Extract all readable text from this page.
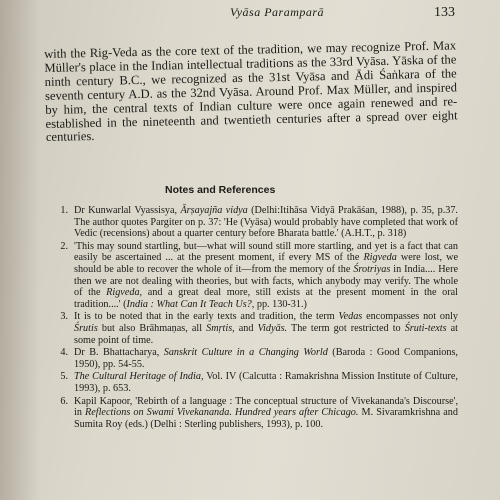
Vyāsa Paramparā	133

with the Rig-Veda as the core text of the tradition, we may recognize Prof. Max Müller's place in the Indian intellectual traditions as the 33rd Vyāsa. Yāska of the ninth century B.C., we recognized as the 31st Vyāsa and Ādi Śaṅkara of the seventh century A.D. as the 32nd Vyāsa. Around Prof. Max Müller, and inspired by him, the central texts of Indian culture were once again renewed and re-established in the nineteenth and twentieth centuries after a spread over eight centuries.

Notes and References
1. Dr Kunwarlal Vyassisya, Ārṣayajña vidya (Delhi:Itihāsa Vidyā Prakāśan, 1988), p. 35, p.37. The author quotes Pargiter on p. 37: 'He (Vyāsa) would probably have completed that work of Vedic (recensions) about a quarter century before Bharata battle.' (A.H.T., p. 318)
2. 'This may sound startling, but—what will sound still more startling, and yet is a fact that can easily be ascertained ... at the present moment, if every MS of the Rigveda were lost, we should be able to recover the whole of it—from the memory of the Śrotriyas in India.... Here then we are not dealing with theories, but with facts, which anybody may verify. The whole of the Rigveda, and a great deal more, still exists at the present moment in the oral tradition....' (India : What Can It Teach Us?, pp. 130-31.)
3. It is to be noted that in the early texts and tradition, the term Vedas encompasses not only Śrutis but also Brāhmaṇas, all Smṛtis, and Vidyās. The term got restricted to Śruti-texts at some point of time.
4. Dr B. Bhattacharya, Sanskrit Culture in a Changing World (Baroda : Good Companions, 1950), pp. 54-55.
5. The Cultural Heritage of India, Vol. IV (Calcutta : Ramakrishna Mission Institute of Culture, 1993), p. 653.
6. Kapil Kapoor, 'Rebirth of a language : The conceptual structure of Vivekananda's Discourse', in Reflections on Swami Vivekananda. Hundred years after Chicago. M. Sivaramkrishna and Sumita Roy (eds.) (Delhi : Sterling publishers, 1993), p. 100.
